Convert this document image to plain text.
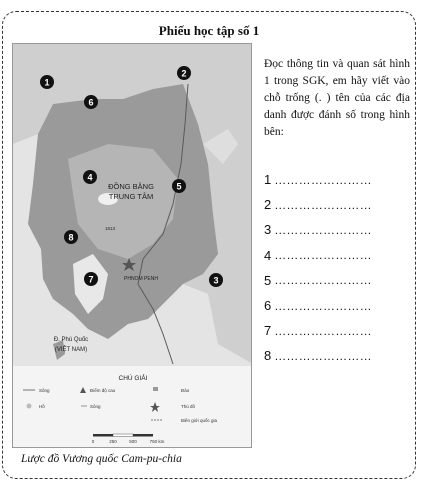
Phiếu học tập số 1
ĐỒNG BẰNG
TRUNG TÂM
PHNOM PENH
1813
Đ. Phú Quốc
(VIỆT NAM)
1
2
3
4
5
6
7
8
CHÚ GIẢI
Sông	Điểm độ cao	Đảo
Hồ	Sông	Thủ đô
Biên giới quốc gia
0	250	500	750 km
Lược đồ Vương quốc Cam-pu-chia
Đọc thông tin và quan sát hình 1 trong SGK, em hãy viết vào chỗ trống (. ) tên của các địa danh được đánh số trong hình bên:
1 ……………………
2 ……………………
3 ……………………
4 ……………………
5 ……………………
6 ……………………
7 ……………………
8 ……………………
